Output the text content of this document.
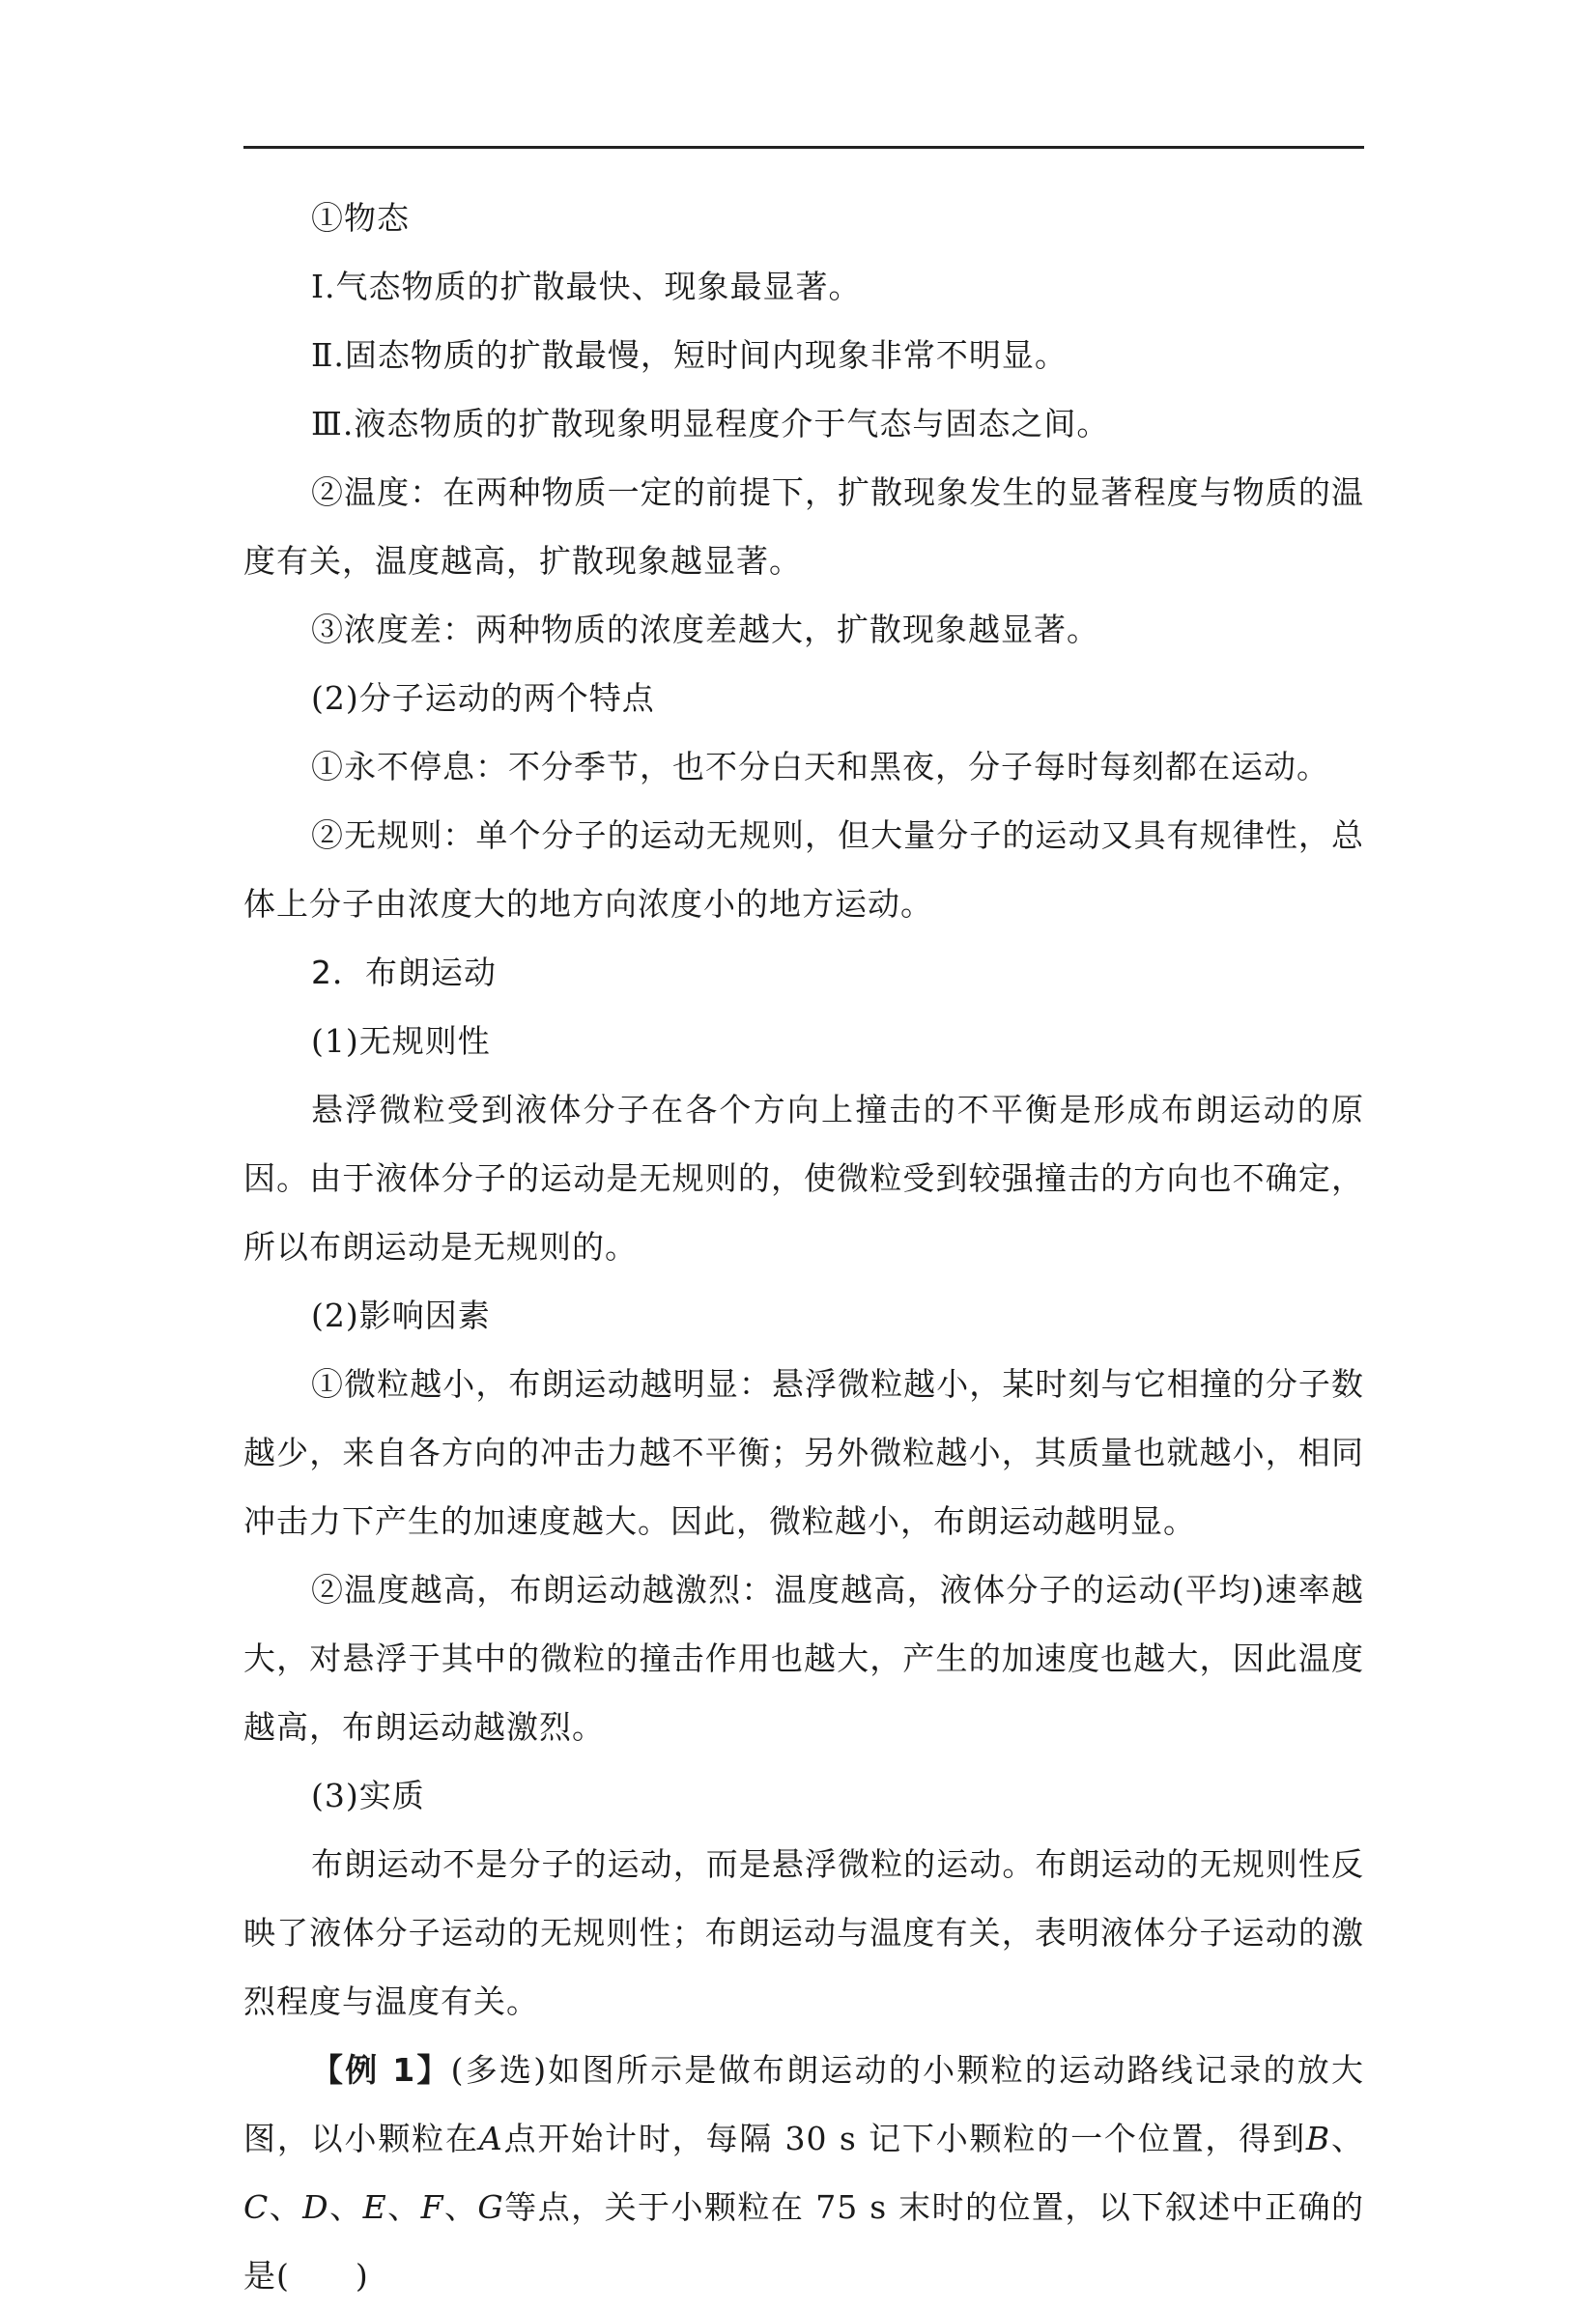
①物态

Ⅰ.气态物质的扩散最快、现象最显著。

Ⅱ.固态物质的扩散最慢，短时间内现象非常不明显。

Ⅲ.液态物质的扩散现象明显程度介于气态与固态之间。

②温度：在两种物质一定的前提下，扩散现象发生的显著程度与物质的温度有关，温度越高，扩散现象越显著。

③浓度差：两种物质的浓度差越大，扩散现象越显著。

(2)分子运动的两个特点

①永不停息：不分季节，也不分白天和黑夜，分子每时每刻都在运动。

②无规则：单个分子的运动无规则，但大量分子的运动又具有规律性，总体上分子由浓度大的地方向浓度小的地方运动。

2．布朗运动

(1)无规则性

悬浮微粒受到液体分子在各个方向上撞击的不平衡是形成布朗运动的原因。由于液体分子的运动是无规则的，使微粒受到较强撞击的方向也不确定，所以布朗运动是无规则的。

(2)影响因素

①微粒越小，布朗运动越明显：悬浮微粒越小，某时刻与它相撞的分子数越少，来自各方向的冲击力越不平衡；另外微粒越小，其质量也就越小，相同冲击力下产生的加速度越大。因此，微粒越小，布朗运动越明显。

②温度越高，布朗运动越激烈：温度越高，液体分子的运动(平均)速率越大，对悬浮于其中的微粒的撞击作用也越大，产生的加速度也越大，因此温度越高，布朗运动越激烈。

(3)实质

布朗运动不是分子的运动，而是悬浮微粒的运动。布朗运动的无规则性反映了液体分子运动的无规则性；布朗运动与温度有关，表明液体分子运动的激烈程度与温度有关。

【例 1】(多选)如图所示是做布朗运动的小颗粒的运动路线记录的放大图，以小颗粒在A点开始计时，每隔 30 s 记下小颗粒的一个位置，得到B、C、D、E、F、G等点，关于小颗粒在 75 s 末时的位置，以下叙述中正确的是(　　)
